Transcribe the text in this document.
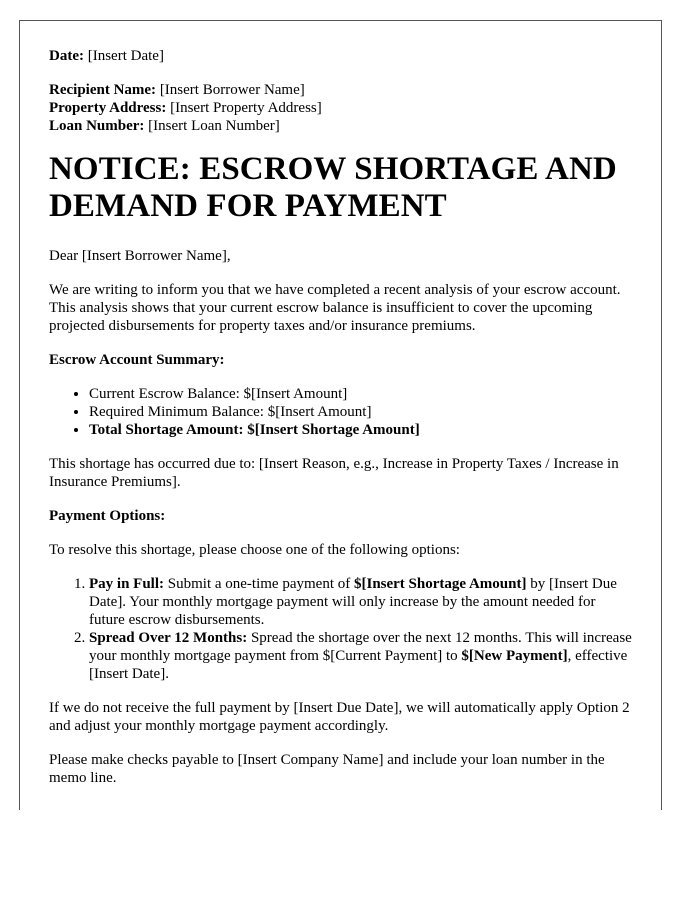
Date: [Insert Date]

Recipient Name: [Insert Borrower Name]

Property Address: [Insert Property Address]

Loan Number: [Insert Loan Number]

NOTICE: ESCROW SHORTAGE AND DEMAND FOR PAYMENT

Dear [Insert Borrower Name],

We are writing to inform you that we have completed a recent analysis of your escrow account. This analysis shows that your current escrow balance is insufficient to cover the upcoming projected disbursements for property taxes and/or insurance premiums.

Escrow Account Summary:

• Current Escrow Balance: $[Insert Amount]
• Required Minimum Balance: $[Insert Amount]
• Total Shortage Amount: $[Insert Shortage Amount]

This shortage has occurred due to: [Insert Reason, e.g., Increase in Property Taxes / Increase in Insurance Premiums].

Payment Options:

To resolve this shortage, please choose one of the following options:

1. Pay in Full: Submit a one-time payment of $[Insert Shortage Amount] by [Insert Due Date]. Your monthly mortgage payment will only increase by the amount needed for future escrow disbursements.
2. Spread Over 12 Months: Spread the shortage over the next 12 months. This will increase your monthly mortgage payment from $[Current Payment] to $[New Payment], effective [Insert Date].

If we do not receive the full payment by [Insert Due Date], we will automatically apply Option 2 and adjust your monthly mortgage payment accordingly.

Please make checks payable to [Insert Company Name] and include your loan number in the memo line.
